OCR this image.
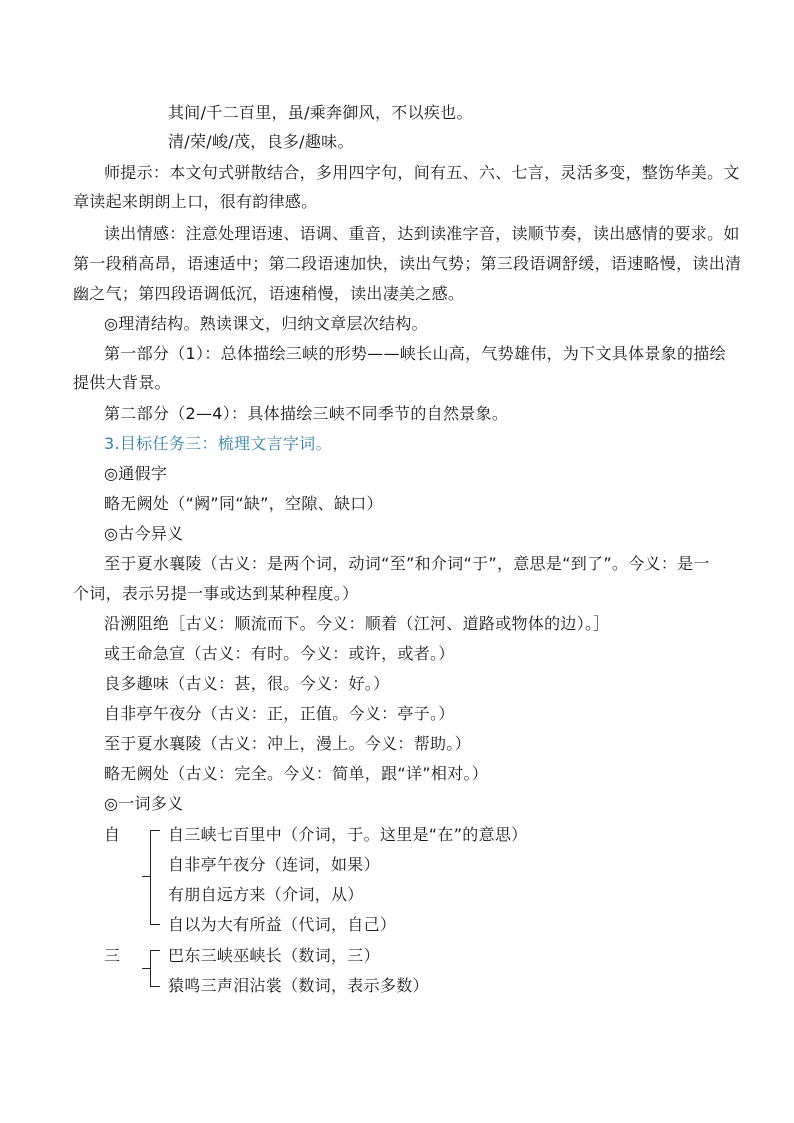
其间/千二百里，虽/乘奔御风，不以疾也。
清/荣/峻/茂，良多/趣味。
师提示：本文句式骈散结合，多用四字句，间有五、六、七言，灵活多变，整饬华美。文
章读起来朗朗上口，很有韵律感。
读出情感：注意处理语速、语调、重音，达到读准字音，读顺节奏，读出感情的要求。如
第一段稍高昂，语速适中；第二段语速加快，读出气势；第三段语调舒缓，语速略慢，读出清
幽之气；第四段语调低沉，语速稍慢，读出凄美之感。
◎理清结构。熟读课文，归纳文章层次结构。
第一部分（1）：总体描绘三峡的形势——峡长山高，气势雄伟，为下文具体景象的描绘
提供大背景。
第二部分（2—4）：具体描绘三峡不同季节的自然景象。
3.目标任务三：梳理文言字词。
◎通假字
略无阙处（“阙”同“缺”，空隙、缺口）
◎古今异义
至于夏水襄陵（古义：是两个词，动词“至”和介词“于”，意思是“到了”。今义：是一
个词，表示另提一事或达到某种程度。）
沿溯阻绝［古义：顺流而下。今义：顺着（江河、道路或物体的边）。］
或王命急宣（古义：有时。今义：或许，或者。）
良多趣味（古义：甚，很。今义：好。）
自非亭午夜分（古义：正，正值。今义：亭子。）
至于夏水襄陵（古义：冲上，漫上。今义：帮助。）
略无阙处（古义：完全。今义：简单，跟“详”相对。）
◎一词多义
自	自三峡七百里中（介词，于。这里是“在”的意思）
自非亭午夜分（连词，如果）
有朋自远方来（介词，从）
自以为大有所益（代词，自己）
三	巴东三峡巫峡长（数词，三）
猿鸣三声泪沾裳（数词，表示多数）
